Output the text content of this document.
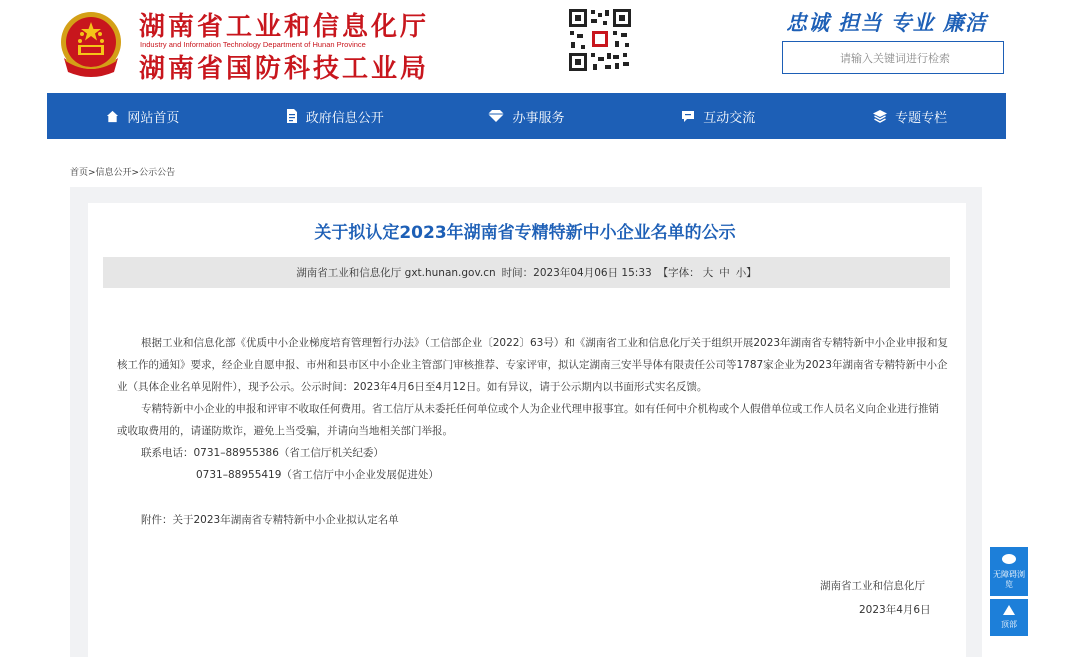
湖南省工业和信息化厅
Industry and Information Technology Department of Hunan Province
湖南省国防科技工业局
忠诚 担当 专业 廉洁
请输入关键词进行检索
网站首页	政府信息公开	办事服务	互动交流	专题专栏
首页>信息公开>公示公告
关于拟认定2023年湖南省专精特新中小企业名单的公示
湖南省工业和信息化厅 gxt.hunan.gov.cn 时间：2023年04月06日 15:33 【字体： 大 中 小】

根据工业和信息化部《优质中小企业梯度培育管理暂行办法》（工信部企业〔2022〕63号）和《湖南省工业和信息化厅关于组织开展2023年湖南省专精特新中小企业申报和复核工作的通知》要求，经企业自愿申报、市州和县市区中小企业主管部门审核推荐、专家评审，拟认定湖南三安半导体有限责任公司等1787家企业为2023年湖南省专精特新中小企业（具体企业名单见附件），现予公示。公示时间：2023年4月6日至4月12日。如有异议，请于公示期内以书面形式实名反馈。

专精特新中小企业的申报和评审不收取任何费用。省工信厅从未委托任何单位或个人为企业代理申报事宜。如有任何中介机构或个人假借单位或工作人员名义向企业进行推销或收取费用的，请谨防欺诈，避免上当受骗，并请向当地相关部门举报。

联系电话：0731–88955386（省工信厅机关纪委）

0731–88955419（省工信厅中小企业发展促进处）

附件：关于2023年湖南省专精特新中小企业拟认定名单
湖南省工业和信息化厅
2023年4月6日
无障碍浏览
顶部
